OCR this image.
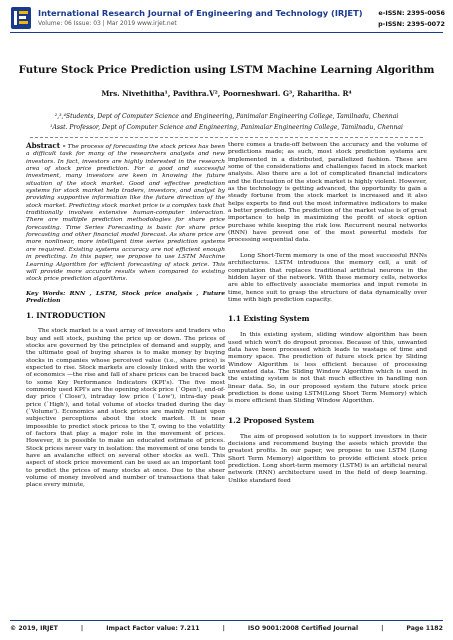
International Research Journal of Engineering and Technology (IRJET)
Volume: 06 Issue: 03 | Mar 2019 www.irjet.net
e-ISSN: 2395-0056
p-ISSN: 2395-0072
Future Stock Price Prediction using LSTM Machine Learning Algorithm
Mrs. Nivethitha¹, Pavithra.V², Poorneshwari. G³, Raharitha. R⁴
²,³,⁴Students, Dept of Computer Science and Engineering, Panimalar Engineering College, Tamilnadu, Chennai
¹Asst. Professor, Dept of Computer Science and Engineering, Panimalar Engineering College, Tamilnadu, Chennai
Abstract - The process of forecasting the stock prices has been a difficult task for many of the researchers analysts and new investors. In fact, investors are highly interested in the research area of stock price prediction. For a good and successful investment, many investors are keen in knowing the future situation of the stock market. Good and effective prediction systems for stock market help traders, investors, and analyst by providing supportive information like the future direction of the stock market. Predicting stock market price is a complex task that traditionally involves extensive human-computer interaction. There are multiple prediction methodologies for share price forecasting. Time Series Forecasting is basic for share price forecasting and other financial model forecast. As share price are more nonlinear, more intelligent time series prediction systems are required. Existing systems accuracy are not efficient enough in predicting. In this paper, we propose to use LSTM Machine Learning Algorithm for efficient forecasting of stock price. This will provide more accurate results when compared to existing stock price prediction algorithms.
Key Words: RNN , LSTM, Stock price analysis , Future Prediction
1. INTRODUCTION
The stock market is a vast array of investors and traders who buy and sell stock, pushing the price up or down. The prices of stocks are governed by the principles of demand and supply, and the ultimate goal of buying shares is to make money by buying stocks in companies whose perceived value (i.e., share price) is expected to rise. Stock markets are closely linked with the world of economics —the rise and fall of share prices can be traced back to some Key Performance Indicators (KPI's). The five most commonly used KPI's are the opening stock price (`Open'), end-of-day price (`Close'), intraday low price (`Low'), intra-day peak price (`High'), and total volume of stocks traded during the day (`Volume'). Economics and stock prices are mainly reliant upon subjective perceptions about the stock market. It is near impossible to predict stock prices to the T, owing to the volatility of factors that play a major role in the movement of prices. However, it is possible to make an educated estimate of prices. Stock prices never vary in isolation: the movement of one tends to have an avalanche effect on several other stocks as well. This aspect of stock price movement can be used as an important tool to predict the prices of many stocks at once. Due to the sheer volume of money involved and number of transactions that take place every minute,
there comes a trade-off between the accuracy and the volume of predictions made; as such, most stock prediction systems are implemented in a distributed, parallelized fashion. These are some of the considerations and challenges faced in stock market analysis. Also there are a lot of complicated financial indicators and the fluctuation of the stock market is highly violent. However, as the technology is getting advanced, the opportunity to gain a steady fortune from the stock market is increased and it also helps experts to find out the most informative indicators to make a better prediction. The prediction of the market value is of great importance to help in maximizing the profit of stock option purchase while keeping the risk low. Recurrent neural networks (RNN) have proved one of the most powerful models for processing sequential data.
Long Short-Term memory is one of the most successful RNNs architectures. LSTM introduces the memory cell, a unit of computation that replaces traditional artificial neurons in the hidden layer of the network. With these memory cells, networks are able to effectively associate memories and input remote in time, hence suit to grasp the structure of data dynamically over time with high prediction capacity.
1.1 Existing System
In this existing system, sliding window algorithm has been used which won't do dropout process. Because of this, unwanted data have been processed which leads to wastage of time and memory space. The prediction of future stock price by Sliding Window Algorithm is less efficient because of processing unwanted data. The Sliding Window Algorithm which is used in the existing system is not that much effective in handling non linear data. So, in our proposed system the future stock price prediction is done using LSTM(Long Short Term Memory) which is more efficient than Sliding Window Algorithm.
1.2 Proposed System
The aim of proposed solution is to support investors in their decisions and recommend buying the assets which provide the greatest profits. In our paper, we propose to use LSTM (Long Short Term Memory) algorithm to provide efficient stock price prediction. Long short-term memory (LSTM) is an artificial neural network (RNN) architecture used in the field of deep learning. Unlike standard feed
© 2019, IRJET	|	Impact Factor value: 7.211	|	ISO 9001:2008 Certified Journal	|	Page 1182
